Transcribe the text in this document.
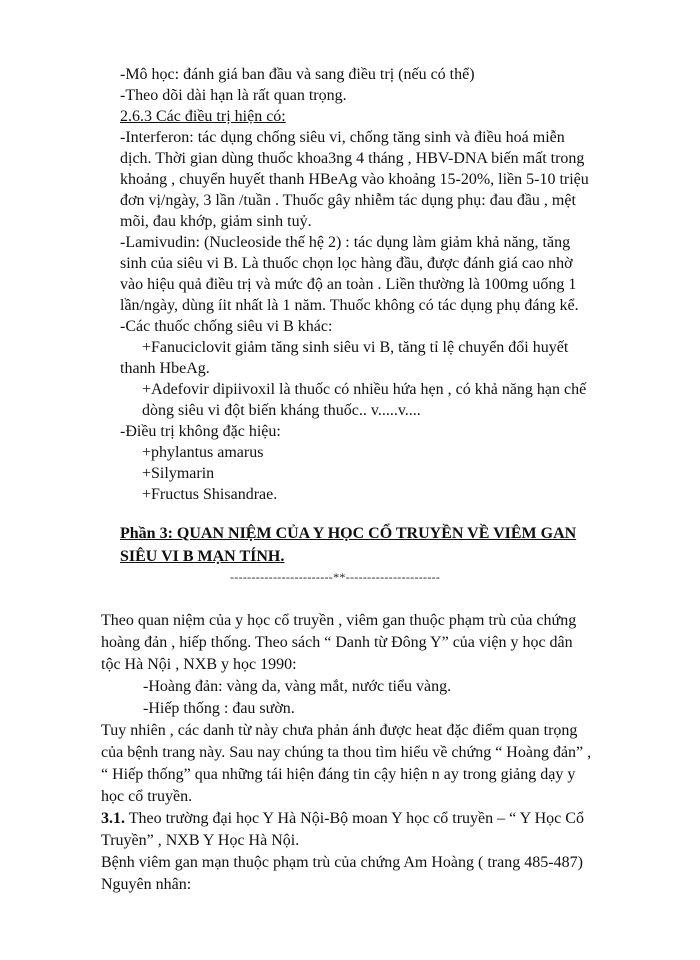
-Mô học: đánh giá ban đầu và sang điều trị (nếu có thể)
-Theo dõi dài hạn là rất quan trọng.
2.6.3 Các điều trị hiện có:
-Interferon: tác dụng chống siêu vi, chống tăng sinh và điều hoá miễn
dịch. Thời gian dùng thuốc khoa3ng 4 tháng , HBV-DNA biến mất trong
khoảng , chuyển huyết thanh HBeAg vào khoảng 15-20%, liền 5-10 triệu
đơn vị/ngày, 3 lần /tuần . Thuốc gây nhiễm tác dụng phụ: đau đầu , mệt
mõi, đau khớp, giảm sinh tuỷ.
-Lamivudin: (Nucleoside thế hệ 2) : tác dụng làm giảm khả năng, tăng
sinh của siêu vi B. Là thuốc chọn lọc hàng đầu, được đánh giá cao nhờ
vào hiệu quả điều trị và mức độ an toàn . Liền thường là 100mg uống 1
lần/ngày, dùng íit nhất là 1 năm. Thuốc không có tác dụng phụ đáng kể.
-Các thuốc chống siêu vi B khác:
+Fanuciclovit giảm tăng sinh siêu vi B, tăng tỉ lệ chuyển đổi huyết
thanh HbeAg.
+Adefovir dipiivoxil là thuốc có nhiều hứa hẹn , có khả năng hạn chế
dòng siêu vi đột biến kháng thuốc.. v.....v....
-Điều trị không đặc hiệu:
+phylantus amarus
+Silymarin
+Fructus Shisandrae.
Phần 3: QUAN NIỆM CỦA Y HỌC CỔ TRUYỀN VỀ VIÊM GAN
SIÊU VI B MẠN TÍNH.
------------------------**----------------------
Theo quan niệm của y học cổ truyền , viêm gan thuộc phạm trù của chứng
hoàng đản , hiếp thống. Theo sách “ Danh từ Đông Y” của viện y học dân
tộc Hà Nội , NXB y học 1990:
-Hoàng đản: vàng da, vàng mắt, nước tiểu vàng.
-Hiếp thống : đau sườn.
Tuy nhiên , các danh từ này chưa phản ánh được heat đặc điểm quan trọng
của bệnh trang này. Sau nay chúng ta thou tìm hiểu về chứng “ Hoàng đản” ,
“ Hiếp thống” qua những tái hiện đáng tin cậy hiện n ay trong giảng dạy y
học cổ truyền.
3.1. Theo trường đại học Y Hà Nội-Bộ moan Y học cổ truyền – “ Y Học Cổ
Truyền” , NXB Y Học Hà Nội.
Bệnh viêm gan mạn thuộc phạm trù của chứng Am Hoàng ( trang 485-487)
Nguyên nhân:
